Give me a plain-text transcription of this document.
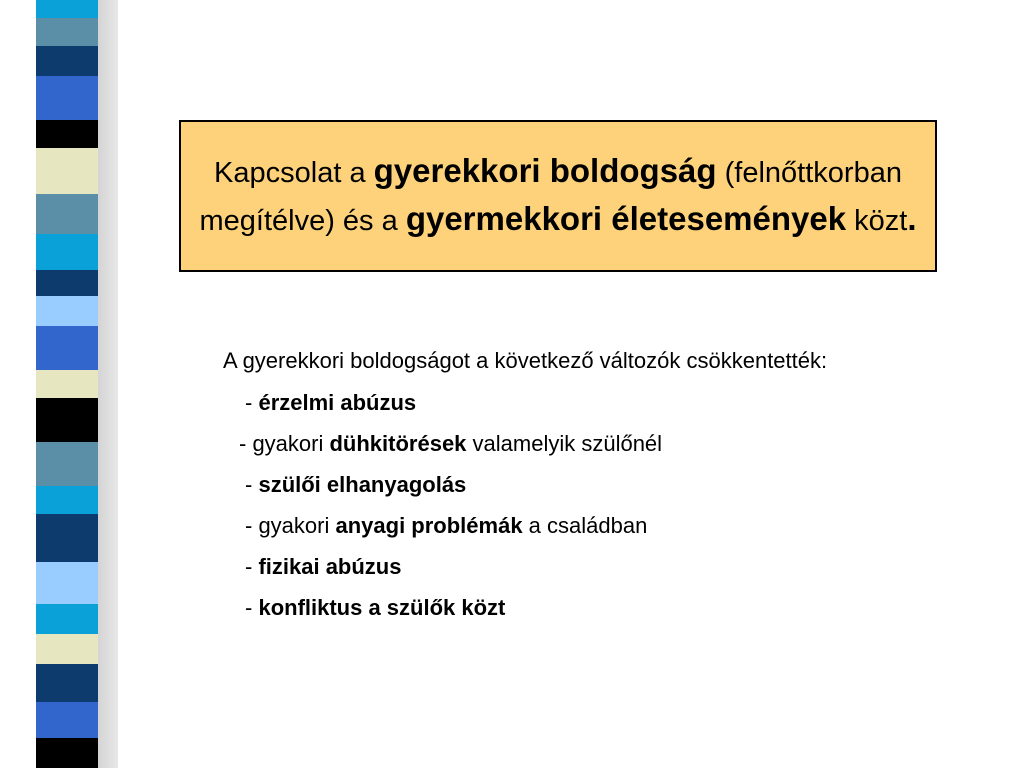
Kapcsolat a gyerekkori boldogság (felnőttkorban megítélve) és a gyermekkori életesemények közt.
A gyerekkori boldogságot a következő változók csökkentették:
- érzelmi abúzus
- gyakori dühkitörések valamelyik szülőnél
- szülői elhanyagolás
- gyakori anyagi problémák a családban
- fizikai abúzus
- konfliktus a szülők közt
